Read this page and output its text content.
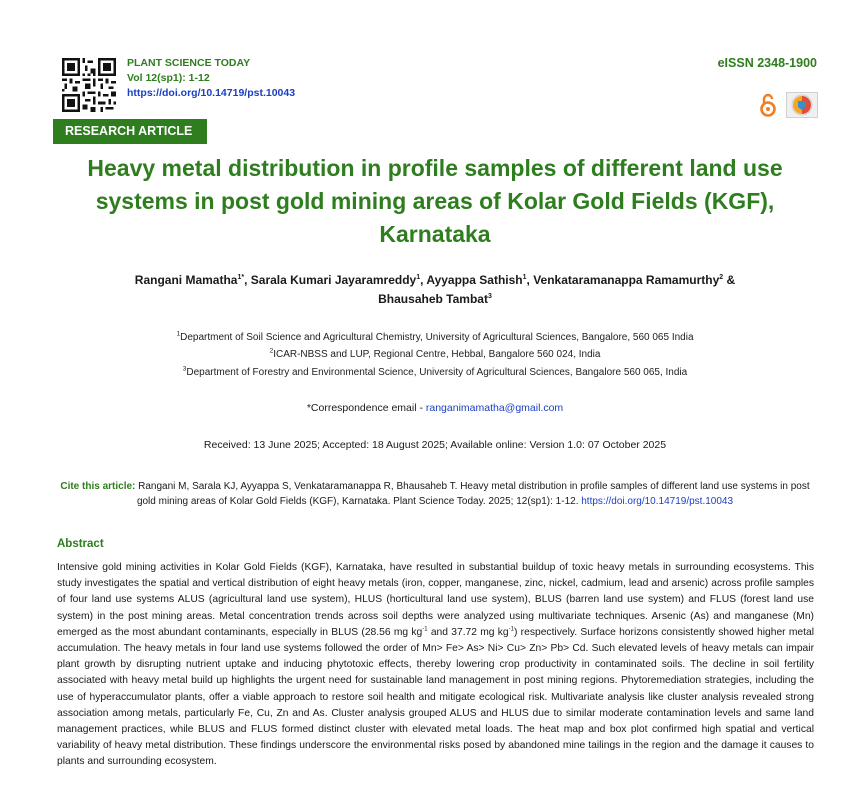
PLANT SCIENCE TODAY
Vol 12(sp1): 1-12
https://doi.org/10.14719/pst.10043
eISSN 2348-1900
RESEARCH ARTICLE
Heavy metal distribution in profile samples of different land use systems in post gold mining areas of Kolar Gold Fields (KGF), Karnataka
Rangani Mamatha$^{1*}$, Sarala Kumari Jayaramreddy$^1$, Ayyappa Sathish$^1$, Venkataramanappa Ramamurthy$^2$ &
Bhausaheb Tambat$^3$
$^1$Department of Soil Science and Agricultural Chemistry, University of Agricultural Sciences, Bangalore, 560 065 India
$^2$ICAR-NBSS and LUP, Regional Centre, Hebbal, Bangalore 560 024, India
$^3$Department of Forestry and Environmental Science, University of Agricultural Sciences, Bangalore 560 065, India
*Correspondence email - ranganimamatha@gmail.com
Received: 13 June 2025; Accepted: 18 August 2025; Available online: Version 1.0: 07 October 2025
Cite this article: Rangani M, Sarala KJ, Ayyappa S, Venkataramanappa R, Bhausaheb T. Heavy metal distribution in profile samples of different land use systems in post gold mining areas of Kolar Gold Fields (KGF), Karnataka. Plant Science Today. 2025; 12(sp1): 1-12. https://doi.org/10.14719/pst.10043
Abstract
Intensive gold mining activities in Kolar Gold Fields (KGF), Karnataka, have resulted in substantial buildup of toxic heavy metals in surrounding ecosystems. This study investigates the spatial and vertical distribution of eight heavy metals (iron, copper, manganese, zinc, nickel, cadmium, lead and arsenic) across profile samples of four land use systems ALUS (agricultural land use system), HLUS (horticultural land use system), BLUS (barren land use system) and FLUS (forest land use system) in the post mining areas. Metal concentration trends across soil depths were analyzed using multivariate techniques. Arsenic (As) and manganese (Mn) emerged as the most abundant contaminants, especially in BLUS (28.56 mg $kg^{-1}$ and 37.72 mg $kg^{-1}$) respectively. Surface horizons consistently showed higher metal accumulation. The heavy metals in four land use systems followed the order of Mn> Fe> As> Ni> Cu> Zn> Pb> Cd. Such elevated levels of heavy metals can impair plant growth by disrupting nutrient uptake and inducing phytotoxic effects, thereby lowering crop productivity in contaminated soils. The decline in soil fertility associated with heavy metal build up highlights the urgent need for sustainable land management in post mining regions. Phytoremediation strategies, including the use of hyperaccumulator plants, offer a viable approach to restore soil health and mitigate ecological risk. Multivariate analysis like cluster analysis revealed strong association among metals, particularly Fe, Cu, Zn and As. Cluster analysis grouped ALUS and HLUS due to similar moderate contamination levels and same land management practices, while BLUS and FLUS formed distinct cluster with elevated metal loads. The heat map and box plot confirmed high spatial and vertical variability of heavy metal distribution. These findings underscore the environmental risks posed by abandoned mine tailings in the region and the damage it causes to plants and surrounding ecosystem.
